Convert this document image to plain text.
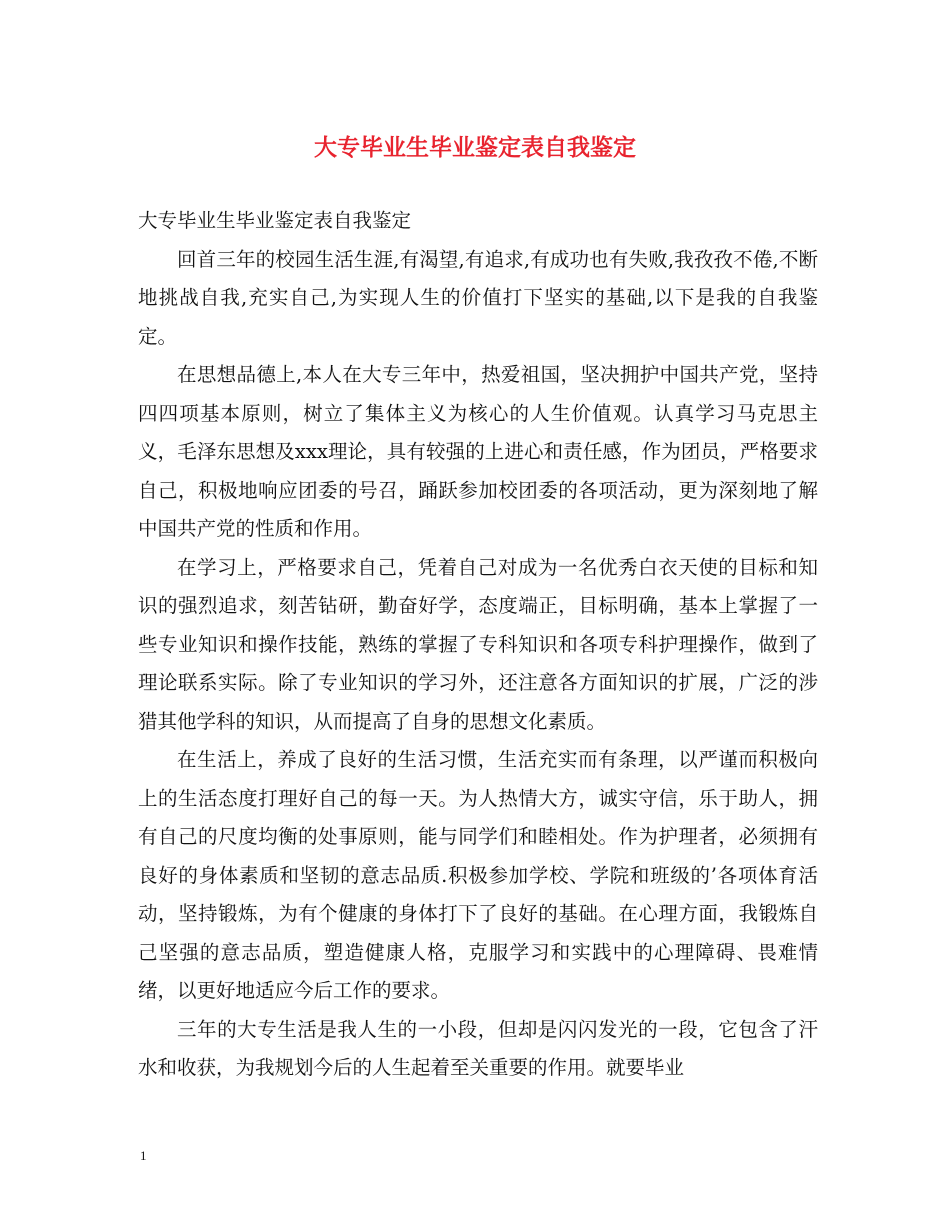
大专毕业生毕业鉴定表自我鉴定

大专毕业生毕业鉴定表自我鉴定

回首三年的校园生活生涯,有渴望,有追求,有成功也有失败,我孜孜不倦,不断地挑战自我,充实自己,为实现人生的价值打下坚实的基础,以下是我的自我鉴定。

在思想品德上,本人在大专三年中，热爱祖国，坚决拥护中国共产党，坚持四四项基本原则，树立了集体主义为核心的人生价值观。认真学习马克思主义，毛泽东思想及xxx理论，具有较强的上进心和责任感，作为团员，严格要求自己，积极地响应团委的号召，踊跃参加校团委的各项活动，更为深刻地了解中国共产党的性质和作用。

在学习上，严格要求自己，凭着自己对成为一名优秀白衣天使的目标和知识的强烈追求，刻苦钻研，勤奋好学，态度端正，目标明确，基本上掌握了一些专业知识和操作技能，熟练的掌握了专科知识和各项专科护理操作，做到了理论联系实际。除了专业知识的学习外，还注意各方面知识的扩展，广泛的涉猎其他学科的知识，从而提高了自身的思想文化素质。

在生活上，养成了良好的生活习惯，生活充实而有条理，以严谨而积极向上的生活态度打理好自己的每一天。为人热情大方，诚实守信，乐于助人，拥有自己的尺度均衡的处事原则，能与同学们和睦相处。作为护理者，必须拥有良好的身体素质和坚韧的意志品质.积极参加学校、学院和班级的’各项体育活动，坚持锻炼，为有个健康的身体打下了良好的基础。在心理方面，我锻炼自己坚强的意志品质，塑造健康人格，克服学习和实践中的心理障碍、畏难情绪，以更好地适应今后工作的要求。

三年的大专生活是我人生的一小段，但却是闪闪发光的一段，它包含了汗水和收获，为我规划今后的人生起着至关重要的作用。就要毕业

1
